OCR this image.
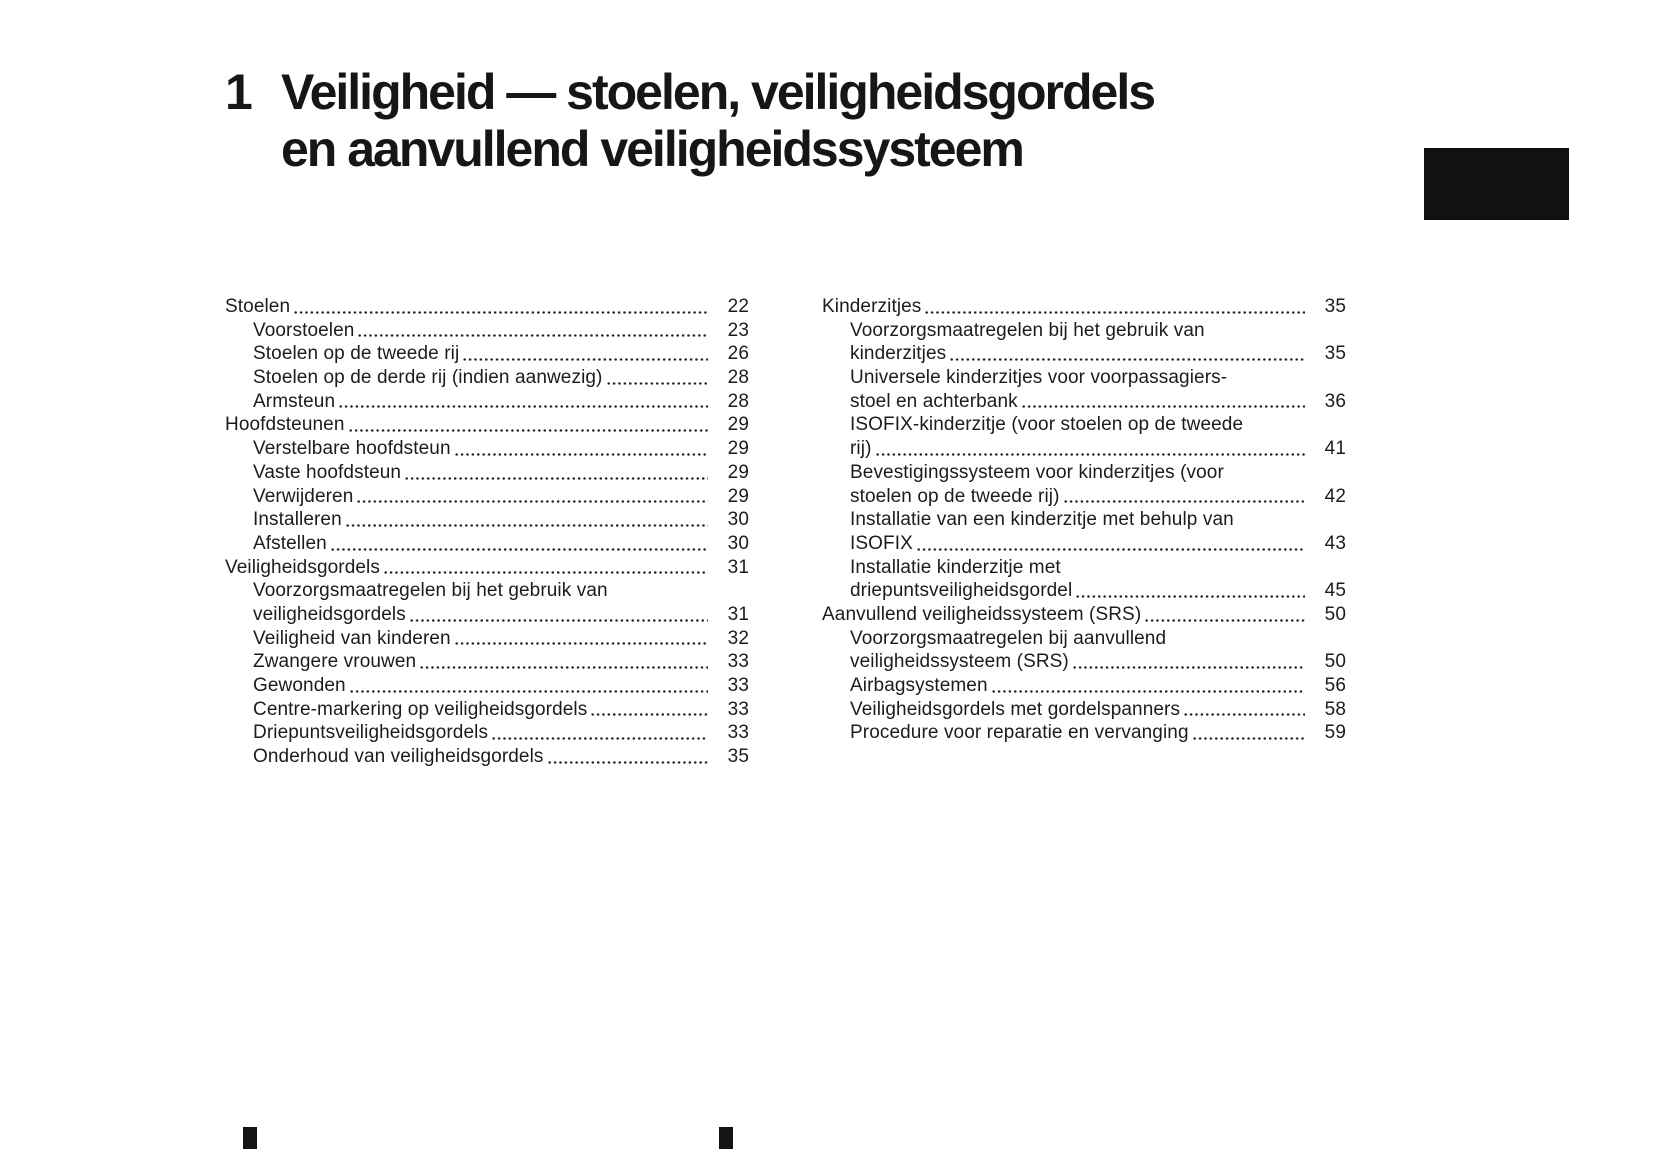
1 Veiligheid — stoelen, veiligheidsgordels
en aanvullend veiligheidssysteem
Stoelen	22
Voorstoelen	23
Stoelen op de tweede rij	26
Stoelen op de derde rij (indien aanwezig)	28
Armsteun	28
Hoofdsteunen	29
Verstelbare hoofdsteun	29
Vaste hoofdsteun	29
Verwijderen	29
Installeren	30
Afstellen	30
Veiligheidsgordels	31
Voorzorgsmaatregelen bij het gebruik van
veiligheidsgordels	31
Veiligheid van kinderen	32
Zwangere vrouwen	33
Gewonden	33
Centre-markering op veiligheidsgordels	33
Driepuntsveiligheidsgordels	33
Onderhoud van veiligheidsgordels	35
Kinderzitjes	35
Voorzorgsmaatregelen bij het gebruik van
kinderzitjes	35
Universele kinderzitjes voor voorpassagiers-
stoel en achterbank	36
ISOFIX-kinderzitje (voor stoelen op de tweede
rij)	41
Bevestigingssysteem voor kinderzitjes (voor
stoelen op de tweede rij)	42
Installatie van een kinderzitje met behulp van
ISOFIX	43
Installatie kinderzitje met
driepuntsveiligheidsgordel	45
Aanvullend veiligheidssysteem (SRS)	50
Voorzorgsmaatregelen bij aanvullend
veiligheidssysteem (SRS)	50
Airbagsystemen	56
Veiligheidsgordels met gordelspanners	58
Procedure voor reparatie en vervanging	59
